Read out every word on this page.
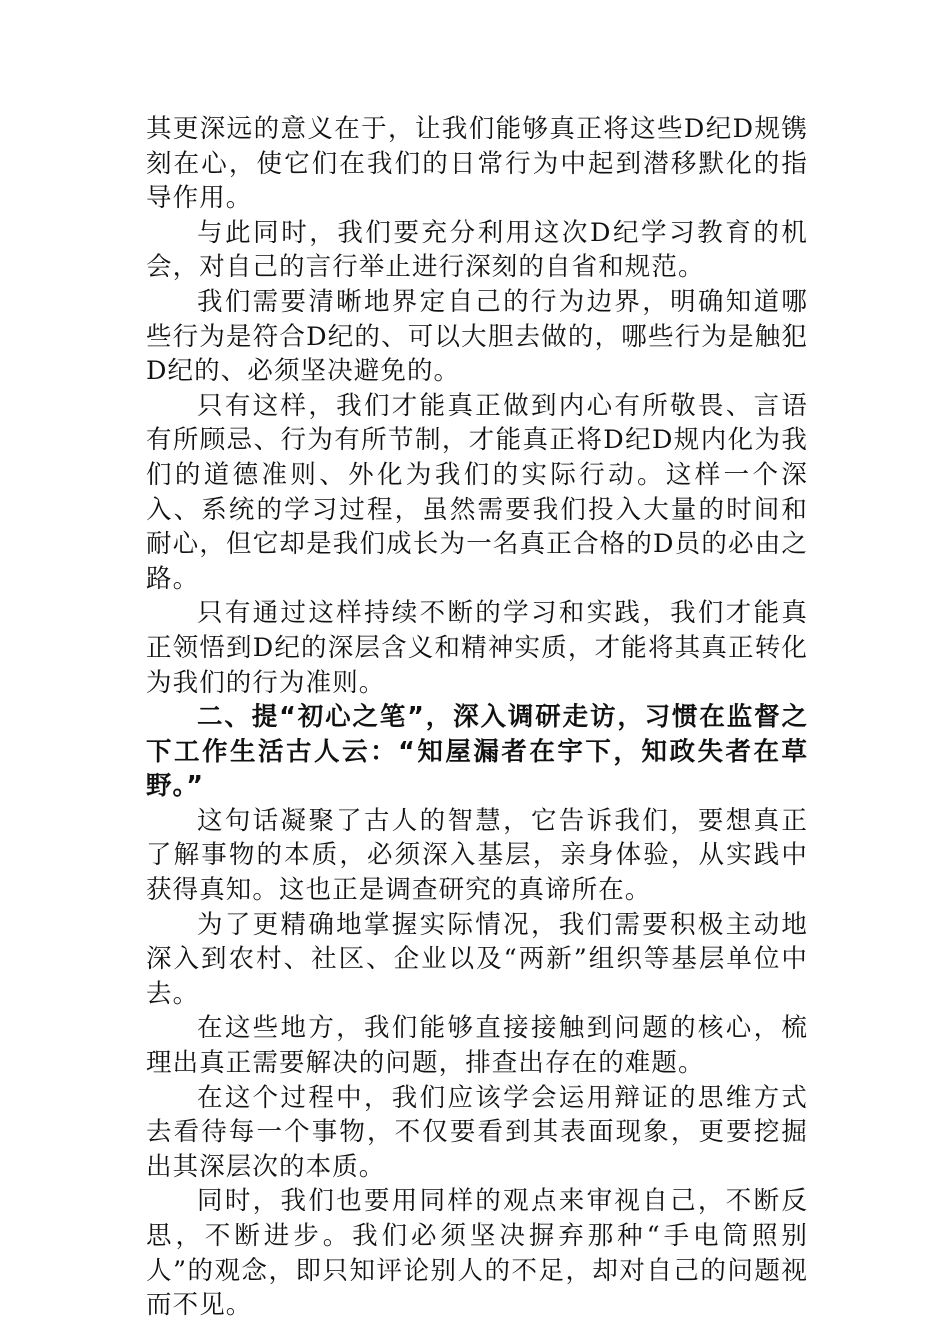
其更深远的意义在于，让我们能够真正将这些D纪D规镌刻在心，使它们在我们的日常行为中起到潜移默化的指导作用。

与此同时，我们要充分利用这次D纪学习教育的机会，对自己的言行举止进行深刻的自省和规范。

我们需要清晰地界定自己的行为边界，明确知道哪些行为是符合D纪的、可以大胆去做的，哪些行为是触犯D纪的、必须坚决避免的。

只有这样，我们才能真正做到内心有所敬畏、言语有所顾忌、行为有所节制，才能真正将D纪D规内化为我们的道德准则、外化为我们的实际行动。这样一个深入、系统的学习过程，虽然需要我们投入大量的时间和耐心，但它却是我们成长为一名真正合格的D员的必由之路。

只有通过这样持续不断的学习和实践，我们才能真正领悟到D纪的深层含义和精神实质，才能将其真正转化为我们的行为准则。

二、提“初心之笔”，深入调研走访，习惯在监督之下工作生活古人云：“知屋漏者在宇下，知政失者在草野。”

这句话凝聚了古人的智慧，它告诉我们，要想真正了解事物的本质，必须深入基层，亲身体验，从实践中获得真知。这也正是调查研究的真谛所在。

为了更精确地掌握实际情况，我们需要积极主动地深入到农村、社区、企业以及“两新”组织等基层单位中去。

在这些地方，我们能够直接接触到问题的核心，梳理出真正需要解决的问题，排查出存在的难题。

在这个过程中，我们应该学会运用辩证的思维方式去看待每一个事物，不仅要看到其表面现象，更要挖掘出其深层次的本质。

同时，我们也要用同样的观点来审视自己，不断反思，不断进步。我们必须坚决摒弃那种“手电筒照别人”的观念，即只知评论别人的不足，却对自己的问题视而不见。
